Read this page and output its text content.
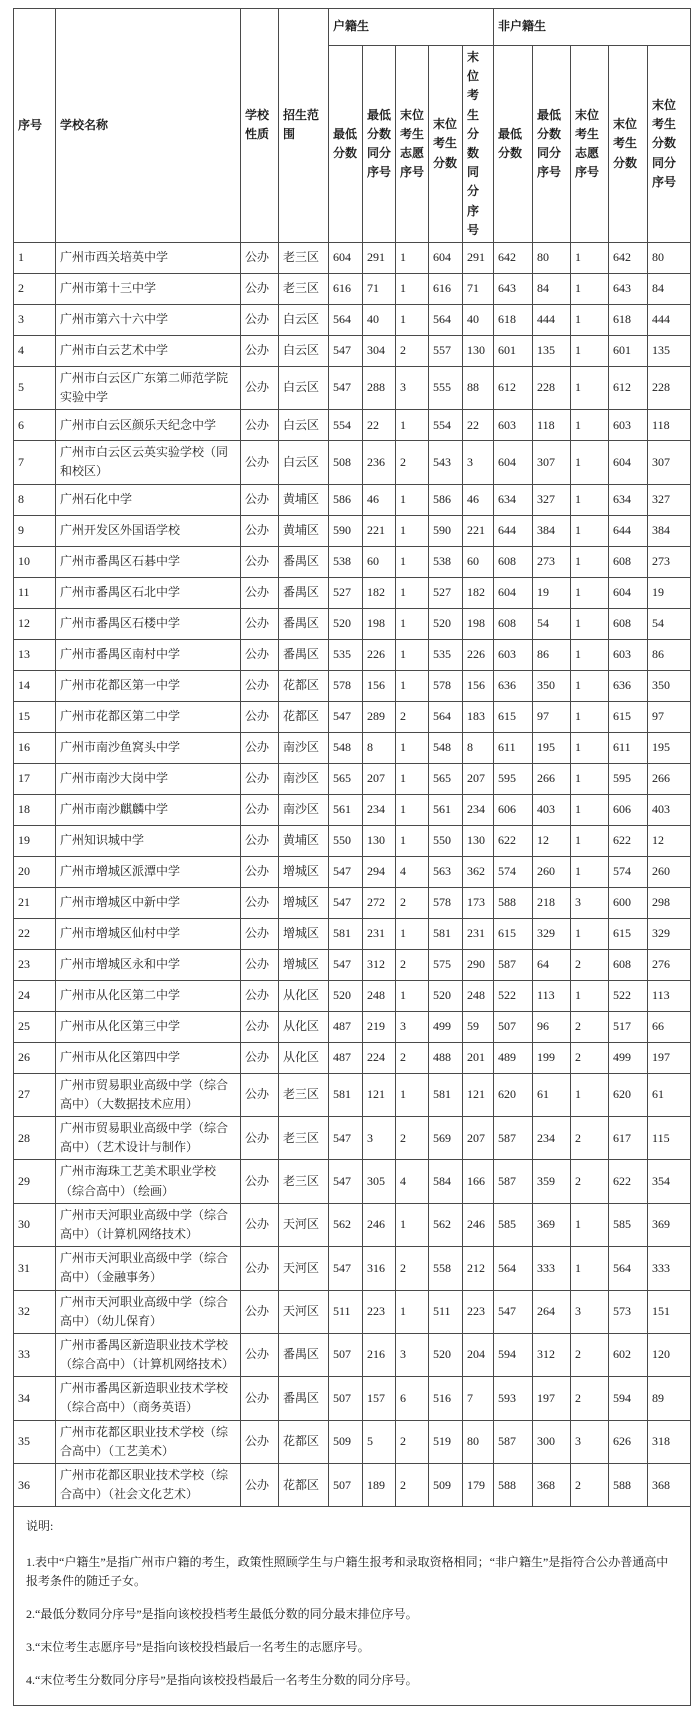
序号	学校名称	学校性质	招生范围	户籍生					非户籍生				
				最低分数	最低分数同分序号	末位考生志愿序号	末位考生分数	末位考生分数同分序号	最低分数	最低分数同分序号	末位考生志愿序号	末位考生分数	末位考生分数同分序号
1	广州市西关培英中学	公办	老三区	604	291	1	604	291	642	80	1	642	80
2	广州市第十三中学	公办	老三区	616	71	1	616	71	643	84	1	643	84
3	广州市第六十六中学	公办	白云区	564	40	1	564	40	618	444	1	618	444
4	广州市白云艺术中学	公办	白云区	547	304	2	557	130	601	135	1	601	135
5	广州市白云区广东第二师范学院实验中学	公办	白云区	547	288	3	555	88	612	228	1	612	228
6	广州市白云区颜乐天纪念中学	公办	白云区	554	22	1	554	22	603	118	1	603	118
7	广州市白云区云英实验学校（同和校区）	公办	白云区	508	236	2	543	3	604	307	1	604	307
8	广州石化中学	公办	黄埔区	586	46	1	586	46	634	327	1	634	327
9	广州开发区外国语学校	公办	黄埔区	590	221	1	590	221	644	384	1	644	384
10	广州市番禺区石碁中学	公办	番禺区	538	60	1	538	60	608	273	1	608	273
11	广州市番禺区石北中学	公办	番禺区	527	182	1	527	182	604	19	1	604	19
12	广州市番禺区石楼中学	公办	番禺区	520	198	1	520	198	608	54	1	608	54
13	广州市番禺区南村中学	公办	番禺区	535	226	1	535	226	603	86	1	603	86
14	广州市花都区第一中学	公办	花都区	578	156	1	578	156	636	350	1	636	350
15	广州市花都区第二中学	公办	花都区	547	289	2	564	183	615	97	1	615	97
16	广州市南沙鱼窝头中学	公办	南沙区	548	8	1	548	8	611	195	1	611	195
17	广州市南沙大岗中学	公办	南沙区	565	207	1	565	207	595	266	1	595	266
18	广州市南沙麒麟中学	公办	南沙区	561	234	1	561	234	606	403	1	606	403
19	广州知识城中学	公办	黄埔区	550	130	1	550	130	622	12	1	622	12
20	广州市增城区派潭中学	公办	增城区	547	294	4	563	362	574	260	1	574	260
21	广州市增城区中新中学	公办	增城区	547	272	2	578	173	588	218	3	600	298
22	广州市增城区仙村中学	公办	增城区	581	231	1	581	231	615	329	1	615	329
23	广州市增城区永和中学	公办	增城区	547	312	2	575	290	587	64	2	608	276
24	广州市从化区第二中学	公办	从化区	520	248	1	520	248	522	113	1	522	113
25	广州市从化区第三中学	公办	从化区	487	219	3	499	59	507	96	2	517	66
26	广州市从化区第四中学	公办	从化区	487	224	2	488	201	489	199	2	499	197
27	广州市贸易职业高级中学（综合高中）（大数据技术应用）	公办	老三区	581	121	1	581	121	620	61	1	620	61
28	广州市贸易职业高级中学（综合高中）（艺术设计与制作）	公办	老三区	547	3	2	569	207	587	234	2	617	115
29	广州市海珠工艺美术职业学校（综合高中）（绘画）	公办	老三区	547	305	4	584	166	587	359	2	622	354
30	广州市天河职业高级中学（综合高中）（计算机网络技术）	公办	天河区	562	246	1	562	246	585	369	1	585	369
31	广州市天河职业高级中学（综合高中）（金融事务）	公办	天河区	547	316	2	558	212	564	333	1	564	333
32	广州市天河职业高级中学（综合高中）（幼儿保育）	公办	天河区	511	223	1	511	223	547	264	3	573	151
33	广州市番禺区新造职业技术学校（综合高中）（计算机网络技术）	公办	番禺区	507	216	3	520	204	594	312	2	602	120
34	广州市番禺区新造职业技术学校（综合高中）（商务英语）	公办	番禺区	507	157	6	516	7	593	197	2	594	89
35	广州市花都区职业技术学校（综合高中）（工艺美术）	公办	花都区	509	5	2	519	80	587	300	3	626	318
36	广州市花都区职业技术学校（综合高中）（社会文化艺术）	公办	花都区	507	189	2	509	179	588	368	2	588	368

说明:

1.表中“户籍生”是指广州市户籍的考生，政策性照顾学生与户籍生报考和录取资格相同；“非户籍生”是指符合公办普通高中报考条件的随迁子女。

2.“最低分数同分序号”是指向该校投档考生最低分数的同分最末排位序号。

3.“末位考生志愿序号”是指向该校投档最后一名考生的志愿序号。

4.“末位考生分数同分序号”是指向该校投档最后一名考生分数的同分序号。													
